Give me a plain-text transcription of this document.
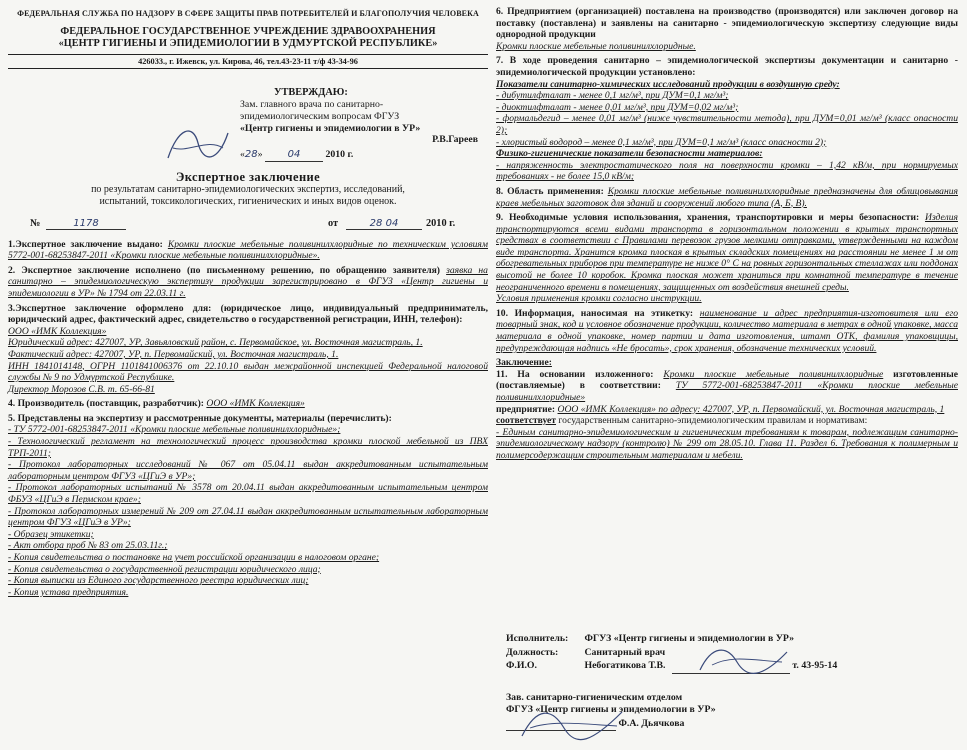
ФЕДЕРАЛЬНАЯ СЛУЖБА ПО НАДЗОРУ В СФЕРЕ ЗАЩИТЫ ПРАВ ПОТРЕБИТЕЛЕЙ И БЛАГОПОЛУЧИЯ ЧЕЛОВЕКА
ФЕДЕРАЛЬНОЕ ГОСУДАРСТВЕННОЕ УЧРЕЖДЕНИЕ ЗДРАВООХРАНЕНИЯ
«ЦЕНТР ГИГИЕНЫ И ЭПИДЕМИОЛОГИИ В УДМУРТСКОЙ РЕСПУБЛИКЕ»
426033., г. Ижевск, ул. Кирова, 46, тел.43-23-11 т/ф 43-34-96
УТВЕРЖДАЮ:
Зам. главного врача по санитарно-
эпидемиологическим вопросам ФГУЗ
«Центр гигиены и эпидемиологии в УР»
Р.В.Гареев
«28» 04	2010 г.
Экспертное заключение
по результатам санитарно-эпидемиологических экспертиз, исследований,
испытаний, токсикологических, гигиенических и иных видов оценок.
№	1178	от	28 04	2010 г.
1.Экспертное заключение выдано: Кромки плоские мебельные поливинилхлоридные по техническим условиям 5772-001-68253847-2011 «Кромки плоские мебельные поливинилхлоридные».
2. Экспертное заключение исполнено (по письменному решению, по обращению заявителя) заявка на санитарно – эпидемиологическую экспертизу продукции зарегистрировано в ФГУЗ «Центр гигиены и эпидемиологии в УР» № 1794 от 22.03.11 г.
3.Экспертное заключение оформлено для: (юридическое лицо, индивидуальный предприниматель, юридический адрес, фактический адрес, свидетельство о государственной регистрации, ИНН, телефон):
ООО «ИМК Коллекция»
Юридический адрес: 427007, УР, Завьяловский район, с. Первомайское, ул. Восточная магистраль, 1.
Фактический адрес: 427007, УР, п. Первомайский, ул. Восточная магистраль, 1.
ИНН 1841014148, ОГРН 1101841006376 от 22.10.10 выдан межрайонной инспекцией Федеральной налоговой службы № 9 по Удмуртской Республике.
Директор Морозов С.В. т. 65-66-81
4. Производитель (поставщик, разработчик): ООО «ИМК Коллекция»
5. Представлены на экспертизу и рассмотренные документы, материалы (перечислить):
- ТУ 5772-001-68253847-2011 «Кромки плоские мебельные поливинилхлоридные»;
- Технологический регламент на технологический процесс производства кромки плоской мебельной из ПВХ ТРП-2011;
- Протокол лабораторных исследований № 067 от 05.04.11 выдан аккредитованным испытательным лабораторным центром ФГУЗ «ЦГиЭ в УР»;
- Протокол лабораторных испытаний № 3578 от 20.04.11 выдан аккредитованным испытательным центром ФБУЗ «ЦГиЭ в Пермском крае»;
- Протокол лабораторных измерений № 209 от 27.04.11 выдан аккредитованным испытательным лабораторным центром ФГУЗ «ЦГиЭ в УР»;
- Образец этикетки;
- Акт отбора проб № 83 от 25.03.11г.;
- Копия свидетельства о постановке на учет российской организации в налоговом органе;
- Копия свидетельства о государственной регистрации юридического лица;
- Копия выписки из Единого государственного реестра юридических лиц;
- Копия устава предприятия.
6. Предприятием (организацией) поставлена на производство (производятся) или заключен договор на поставку (поставлена) и заявлены на санитарно - эпидемиологическую экспертизу следующие виды однородной продукции
Кромки плоские мебельные поливинилхлоридные.
7. В ходе проведения санитарно – эпидемиологической экспертизы документации и санитарно - эпидемиологической продукции установлено:
Показатели санитарно-химических исследований продукции в воздушную среду:
- дибутилфталат - менее 0,1 мг/м³, при ДУМ=0,1 мг/м³;
- диоктилфталат - менее 0,01 мг/м³, при ДУМ=0,02 мг/м³;
- формальдегид – менее 0,01 мг/м³ (ниже чувствительности метода), при ДУМ=0,01 мг/м³ (класс опасности 2);
- хлористый водород – менее 0,1 мг/м³, при ДУМ=0,1 мг/м³ (класс опасности 2);
Физико-гигиенические показатели безопасности материалов:
- напряженность электростатического поля на поверхности кромки – 1,42 кВ/м, при нормируемых требованиях - не более 15,0 кВ/м;
8. Область применения: Кромки плоские мебельные поливинилхлоридные предназначены для облицовывания краев мебельных заготовок для зданий и сооружений любого типа (А, Б, В).
9. Необходимые условия использования, хранения, транспортировки и меры безопасности: Изделия транспортируются всеми видами транспорта в горизонтальном положении в крытых транспортных средствах в соответствии с Правилами перевозок грузов мелкими отправками, утвержденными на каждом виде транспорта. Хранится кромка плоская в крытых складских помещениях на расстоянии не менее 1 м от обогревательных приборов при температуре не ниже 0° С на ровных горизонтальных стеллажах или поддонах высотой не более 10 коробок. Кромка плоская может храниться при комнатной температуре в течение неограниченного времени в помещениях, защищенных от воздействия внешней среды.
Условия применения кромки согласно инструкции.
10. Информация, наносимая на этикетку: наименование и адрес предприятия-изготовителя или его товарный знак, код и условное обозначение продукции, количество материала в метрах в одной упаковке, масса материала в одной упаковке, номер партии и дата изготовления, штамп ОТК, фамилия упаковщицы, предупреждающая надпись «Не бросать», срок хранения, обозначение технических условий.
Заключение:
11. На основании изложенного: Кромки плоские мебельные поливинилхлоридные изготовленные (поставляемые) в соответствии: ТУ 5772-001-68253847-2011 «Кромки плоские мебельные поливинилхлоридные»
предприятие: ООО «ИМК Коллекция» по адресу: 427007, УР, п. Первомайский, ул. Восточная магистраль, 1
соответствует государственным санитарно-эпидемиологическим правилам и нормативам:
- Единым санитарно-эпидемиологическим и гигиеническим требованиям к товарам, подлежащим санитарно-эпидемиологическому надзору (контролю) № 299 от 28.05.10. Глава 11. Раздел 6. Требования к полимерным и полимерсодержащим строительным материалам и мебели.
Исполнитель: ФГУЗ «Центр гигиены и эпидемиологии в УР»
Должность:	Санитарный врач
Ф.И.О.	Небогатикова Т.В.	т. 43-95-14
Зав. санитарно-гигиеническим отделом
ФГУЗ «Центр гигиены и эпидемиологии в УР»
Ф.А. Дьячкова
